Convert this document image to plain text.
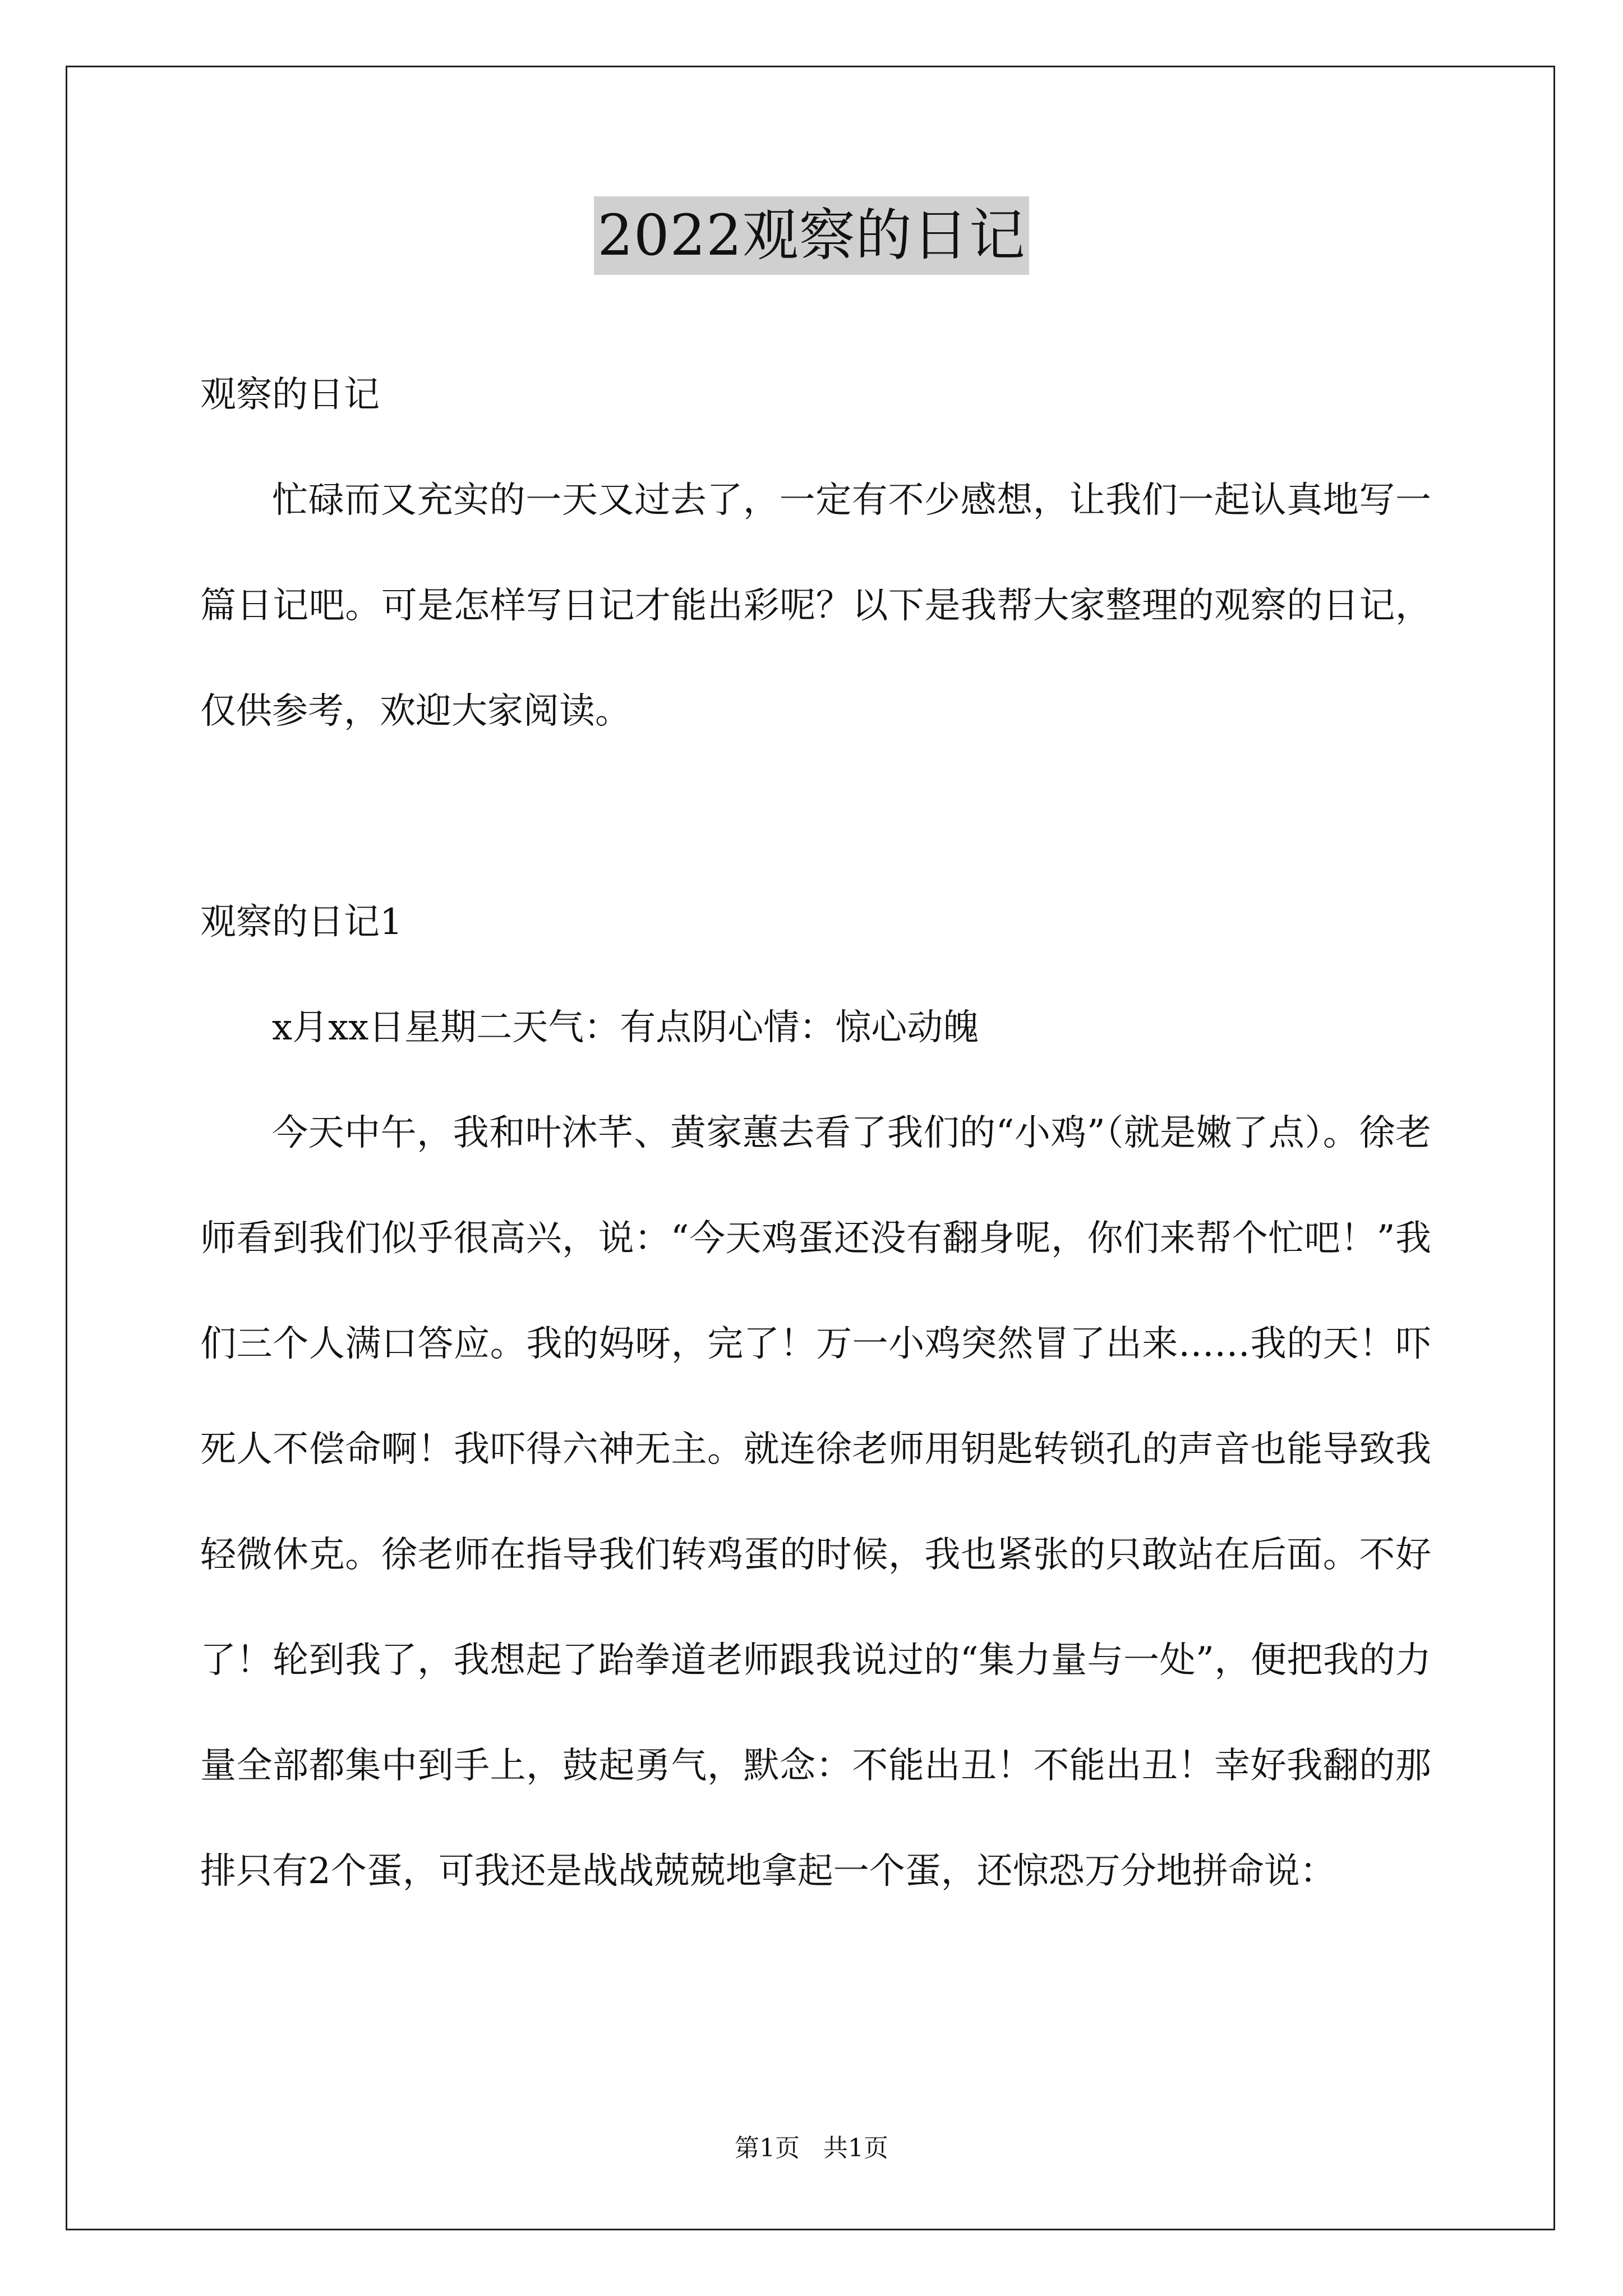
2022观察的日记

观察的日记

忙碌而又充实的一天又过去了，一定有不少感想，让我们一起认真地写一篇日记吧。可是怎样写日记才能出彩呢？以下是我帮大家整理的观察的日记，仅供参考，欢迎大家阅读。

观察的日记1

x月xx日星期二天气：有点阴心情：惊心动魄

今天中午，我和叶沐芊、黄家蕙去看了我们的“小鸡”（就是嫩了点）。徐老师看到我们似乎很高兴，说：“今天鸡蛋还没有翻身呢，你们来帮个忙吧！”我们三个人满口答应。我的妈呀，完了！万一小鸡突然冒了出来……我的天！吓死人不偿命啊！我吓得六神无主。就连徐老师用钥匙转锁孔的声音也能导致我轻微休克。徐老师在指导我们转鸡蛋的时候，我也紧张的只敢站在后面。不好了！轮到我了，我想起了跆拳道老师跟我说过的“集力量与一处”，便把我的力量全部都集中到手上，鼓起勇气，默念：不能出丑！不能出丑！幸好我翻的那排只有2个蛋，可我还是战战兢兢地拿起一个蛋，还惊恐万分地拼命说：

第1页   共1页
